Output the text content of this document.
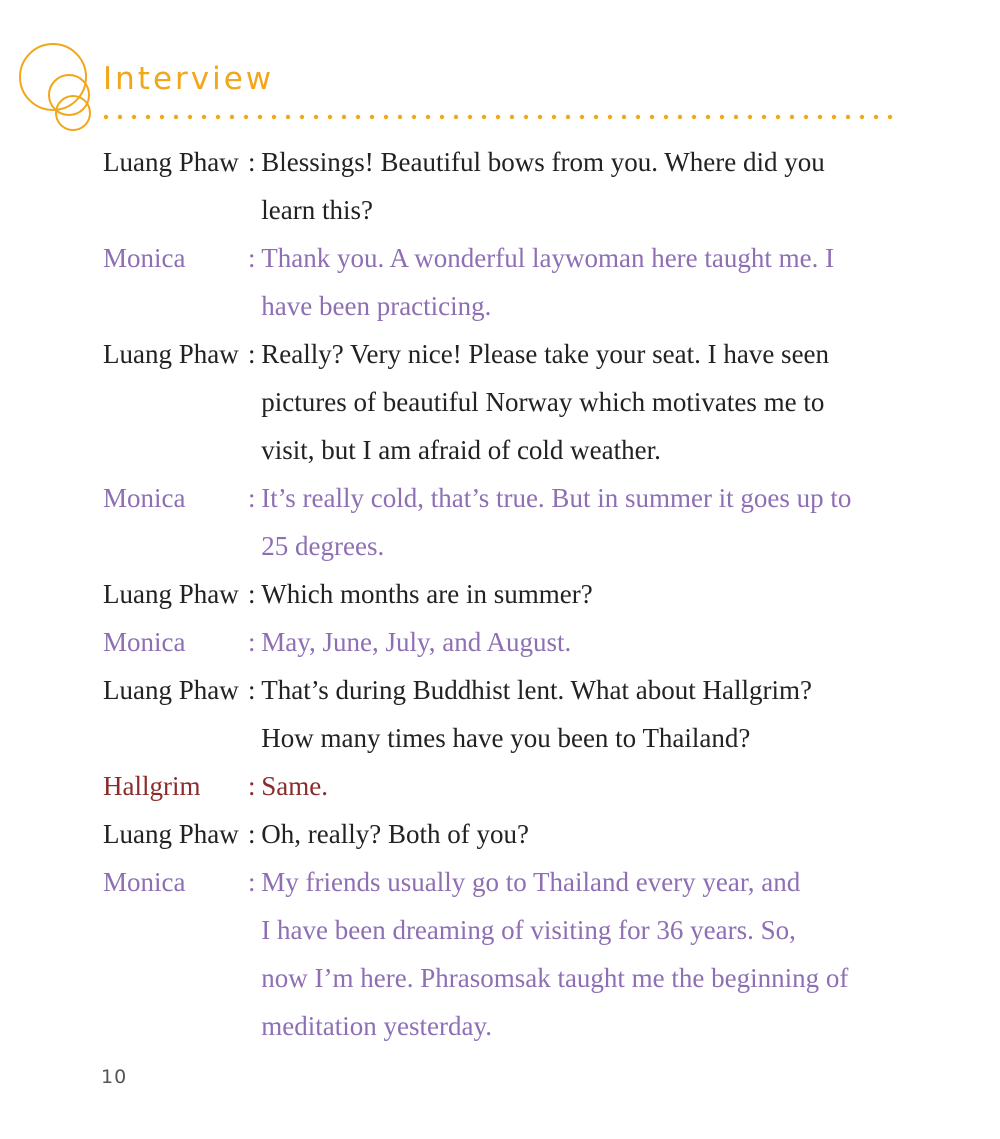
Interview
Luang Phaw : Blessings! Beautiful bows from you. Where did you
learn this?
Monica	: Thank you. A wonderful laywoman here taught me. I
have been practicing.
Luang Phaw : Really? Very nice! Please take your seat. I have seen
pictures of beautiful Norway which motivates me to
visit, but I am afraid of cold weather.
Monica	: It’s really cold, that’s true. But in summer it goes up to
25 degrees.
Luang Phaw : Which months are in summer?
Monica	: May, June, July, and August.
Luang Phaw : That’s during Buddhist lent. What about Hallgrim?
How many times have you been to Thailand?
Hallgrim	: Same.
Luang Phaw : Oh, really? Both of you?
Monica	: My friends usually go to Thailand every year, and
I have been dreaming of visiting for 36 years. So,
now I’m here. Phrasomsak taught me the beginning of
meditation yesterday.
10
